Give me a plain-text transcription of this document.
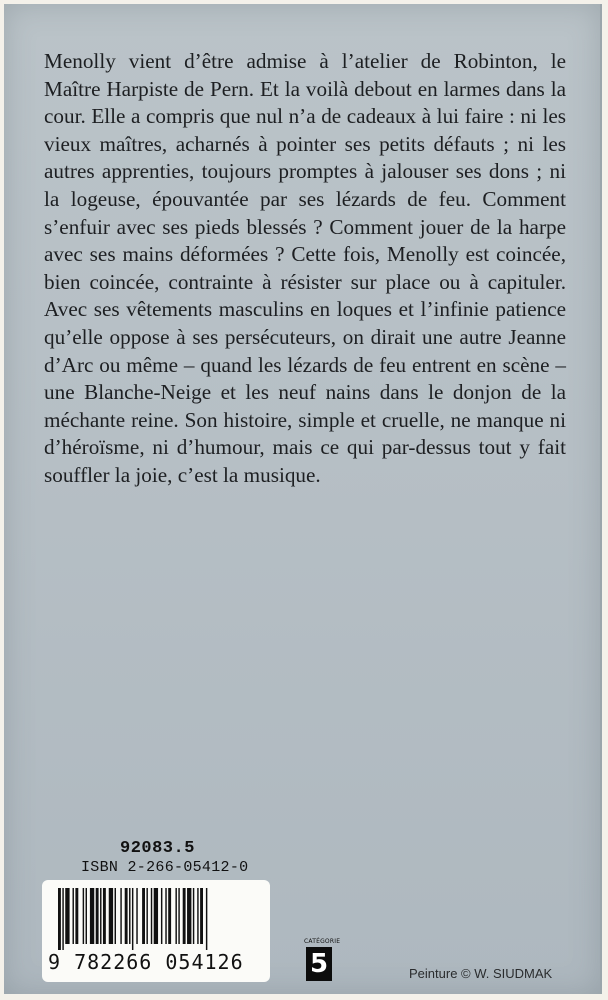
Menolly vient d’être admise à l’atelier de Robinton, le Maître Harpiste de Pern. Et la voilà debout en larmes dans la cour. Elle a compris que nul n’a de cadeaux à lui faire : ni les vieux maîtres, acharnés à pointer ses petits défauts ; ni les autres apprenties, toujours promptes à jalouser ses dons ; ni la logeuse, épouvantée par ses lézards de feu. Comment s’enfuir avec ses pieds blessés ? Comment jouer de la harpe avec ses mains déformées ? Cette fois, Menolly est coincée, bien coincée, contrainte à résister sur place ou à capituler. Avec ses vêtements masculins en loques et l’infinie patience qu’elle oppose à ses persécuteurs, on dirait une autre Jeanne d’Arc ou même – quand les lézards de feu entrent en scène – une Blanche-Neige et les neuf nains dans le donjon de la méchante reine. Son histoire, simple et cruelle, ne manque ni d’héroïsme, ni d’humour, mais ce qui par-dessus tout y fait souffler la joie, c’est la musique.

92083.5
ISBN 2-266-05412-0
9 782266 054126
CATÉGORIE
5	Peinture © W. SIUDMAK
